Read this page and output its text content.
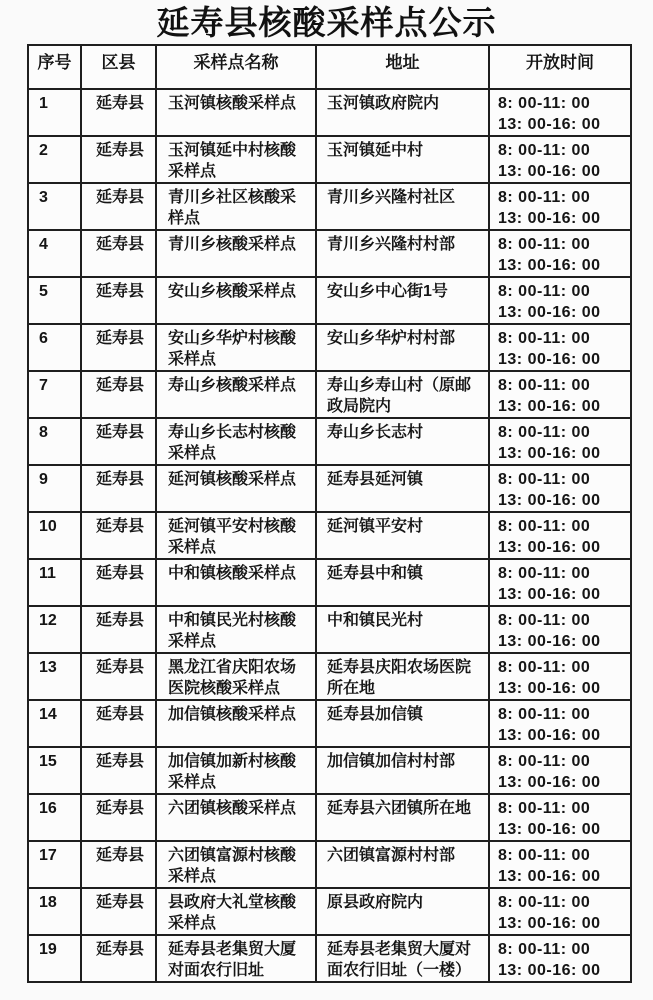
延寿县核酸采样点公示
序号	区县	采样点名称	地址	开放时间
1	延寿县	玉河镇核酸采样点	玉河镇政府院内	8: 00-11: 00
13: 00-16: 00

2	延寿县	玉河镇延中村核酸采样点	玉河镇延中村	8: 00-11: 00
13: 00-16: 00

3	延寿县	青川乡社区核酸采样点	青川乡兴隆村社区	8: 00-11: 00
13: 00-16: 00

4	延寿县	青川乡核酸采样点	青川乡兴隆村村部	8: 00-11: 00
13: 00-16: 00

5	延寿县	安山乡核酸采样点	安山乡中心街1号	8: 00-11: 00
13: 00-16: 00

6	延寿县	安山乡华炉村核酸采样点	安山乡华炉村村部	8: 00-11: 00
13: 00-16: 00

7	延寿县	寿山乡核酸采样点	寿山乡寿山村（原邮政局院内	8: 00-11: 00
13: 00-16: 00

8	延寿县	寿山乡长志村核酸采样点	寿山乡长志村	8: 00-11: 00
13: 00-16: 00

9	延寿县	延河镇核酸采样点	延寿县延河镇	8: 00-11: 00
13: 00-16: 00

10	延寿县	延河镇平安村核酸采样点	延河镇平安村	8: 00-11: 00
13: 00-16: 00

11	延寿县	中和镇核酸采样点	延寿县中和镇	8: 00-11: 00
13: 00-16: 00

12	延寿县	中和镇民光村核酸采样点	中和镇民光村	8: 00-11: 00
13: 00-16: 00

13	延寿县	黑龙江省庆阳农场医院核酸采样点	延寿县庆阳农场医院所在地	8: 00-11: 00
13: 00-16: 00

14	延寿县	加信镇核酸采样点	延寿县加信镇	8: 00-11: 00
13: 00-16: 00

15	延寿县	加信镇加新村核酸采样点	加信镇加信村村部	8: 00-11: 00
13: 00-16: 00

16	延寿县	六团镇核酸采样点	延寿县六团镇所在地	8: 00-11: 00
13: 00-16: 00

17	延寿县	六团镇富源村核酸采样点	六团镇富源村村部	8: 00-11: 00
13: 00-16: 00

18	延寿县	县政府大礼堂核酸采样点	原县政府院内	8: 00-11: 00
13: 00-16: 00

19	延寿县	延寿县老集贸大厦对面农行旧址	延寿县老集贸大厦对面农行旧址（一楼）	8: 00-11: 00
13: 00-16: 00
